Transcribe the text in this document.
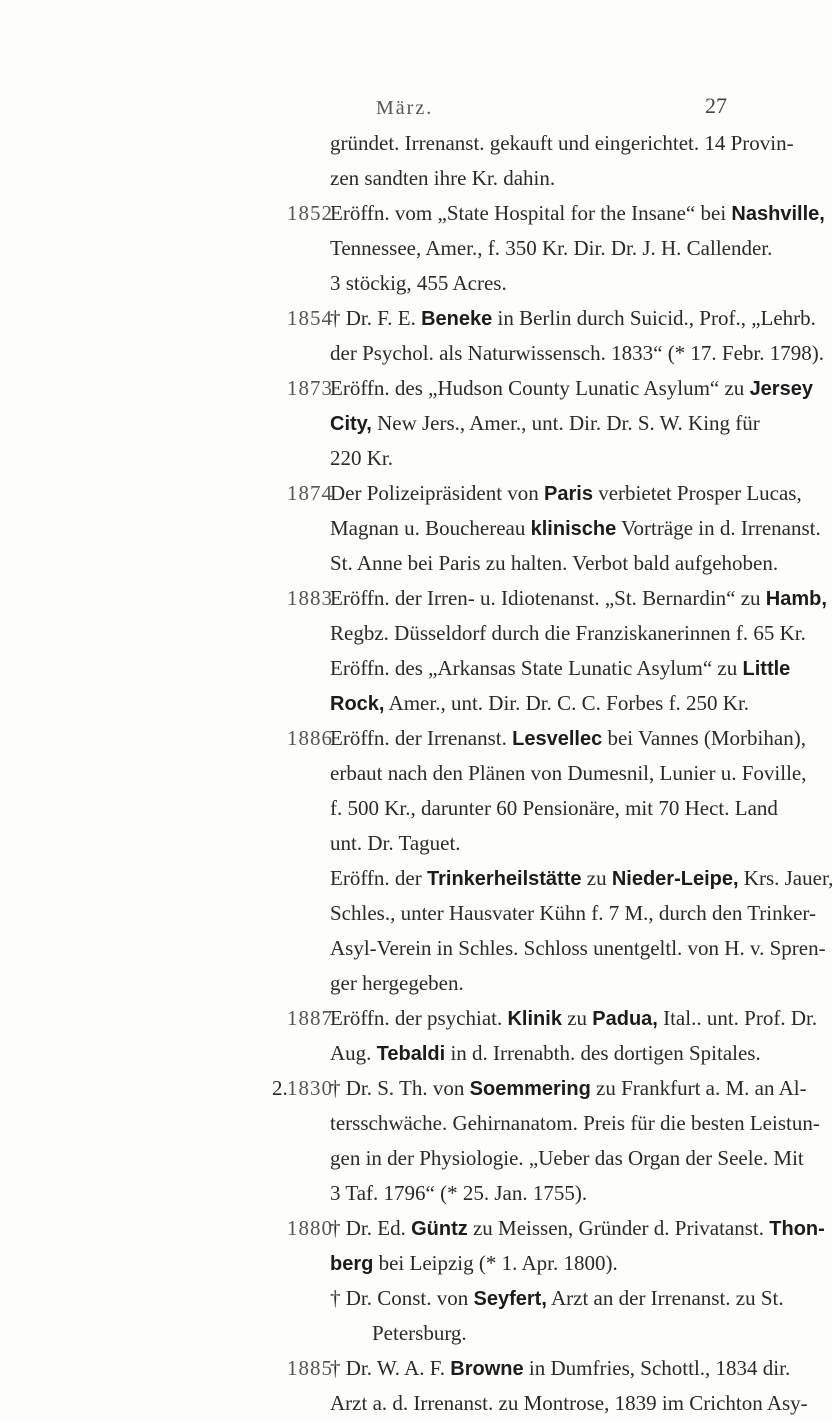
März.	27
gründet. Irrenanst. gekauft und eingerichtet. 14 Provin-
zen sandten ihre Kr. dahin.
1852
Eröffn. vom „State Hospital for the Insane“ bei Nashville,
Tennessee, Amer., f. 350 Kr. Dir. Dr. J. H. Callender.
3 stöckig, 455 Acres.
1854
† Dr. F. E. Beneke in Berlin durch Suicid., Prof., „Lehrb.
der Psychol. als Naturwissensch. 1833“ (* 17. Febr. 1798).
1873
Eröffn. des „Hudson County Lunatic Asylum“ zu Jersey
City, New Jers., Amer., unt. Dir. Dr. S. W. King für
220 Kr.
1874
Der Polizeipräsident von Paris verbietet Prosper Lucas,
Magnan u. Bouchereau klinische Vorträge in d. Irrenanst.
St. Anne bei Paris zu halten. Verbot bald aufgehoben.
1883
Eröffn. der Irren- u. Idiotenanst. „St. Bernardin“ zu Hamb,
Regbz. Düsseldorf durch die Franziskanerinnen f. 65 Kr.
Eröffn. des „Arkansas State Lunatic Asylum“ zu Little
Rock, Amer., unt. Dir. Dr. C. C. Forbes f. 250 Kr.
1886
Eröffn. der Irrenanst. Lesvellec bei Vannes (Morbihan),
erbaut nach den Plänen von Dumesnil, Lunier u. Foville,
f. 500 Kr., darunter 60 Pensionäre, mit 70 Hect. Land
unt. Dr. Taguet.
Eröffn. der Trinkerheilstätte zu Nieder-Leipe, Krs. Jauer,
Schles., unter Hausvater Kühn f. 7 M., durch den Trinker-
Asyl-Verein in Schles. Schloss unentgeltl. von H. v. Spren-
ger hergegeben.
1887
Eröffn. der psychiat. Klinik zu Padua, Ital.. unt. Prof. Dr.
Aug. Tebaldi in d. Irrenabth. des dortigen Spitales.
2. 1830
† Dr. S. Th. von Soemmering zu Frankfurt a. M. an Al-
tersschwäche. Gehirnanatom. Preis für die besten Leistun-
gen in der Physiologie. „Ueber das Organ der Seele. Mit
3 Taf. 1796“ (* 25. Jan. 1755).
1880
† Dr. Ed. Güntz zu Meissen, Gründer d. Privatanst. Thon-
berg bei Leipzig (* 1. Apr. 1800).
† Dr. Const. von Seyfert, Arzt an der Irrenanst. zu St.
Petersburg.
1885
† Dr. W. A. F. Browne in Dumfries, Schottl., 1834 dir.
Arzt a. d. Irrenanst. zu Montrose, 1839 im Crichton Asy-
